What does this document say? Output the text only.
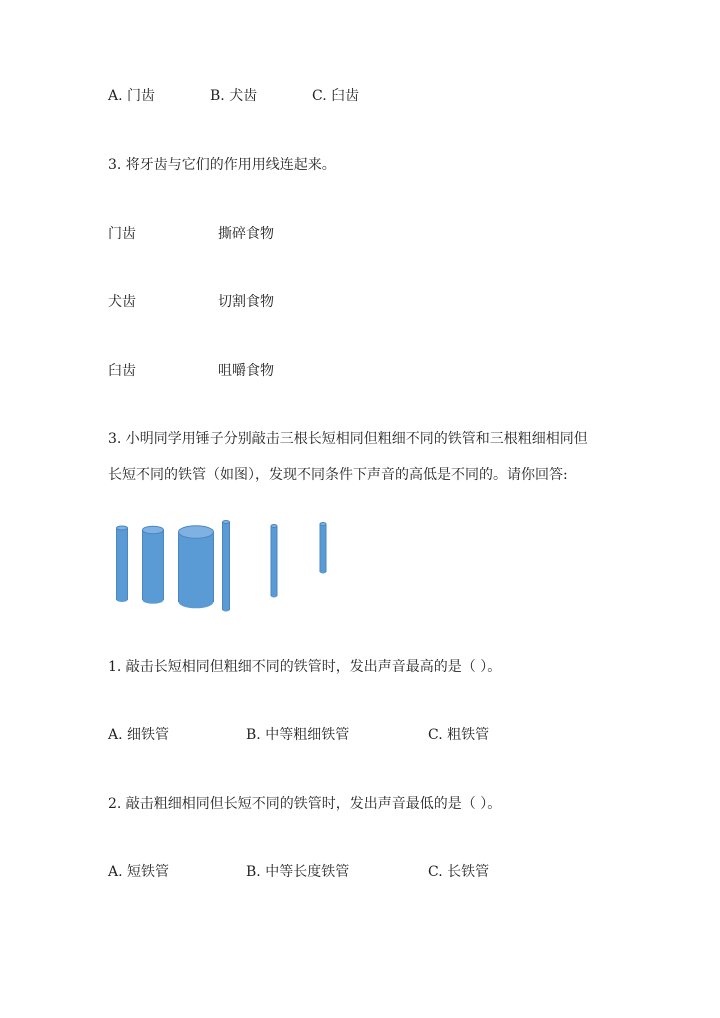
A. 门齿	B. 犬齿	C. 臼齿
3. 将牙齿与它们的作用用线连起来。
门齿	撕碎食物
犬齿	切割食物
臼齿	咀嚼食物
3. 小明同学用锤子分别敲击三根长短相同但粗细不同的铁管和三根粗细相同但
长短不同的铁管（如图），发现不同条件下声音的高低是不同的。请你回答:
1. 敲击长短相同但粗细不同的铁管时，发出声音最高的是（ ）。
A. 细铁管	B. 中等粗细铁管	C. 粗铁管
2. 敲击粗细相同但长短不同的铁管时，发出声音最低的是（ ）。
A. 短铁管	B. 中等长度铁管	C. 长铁管
